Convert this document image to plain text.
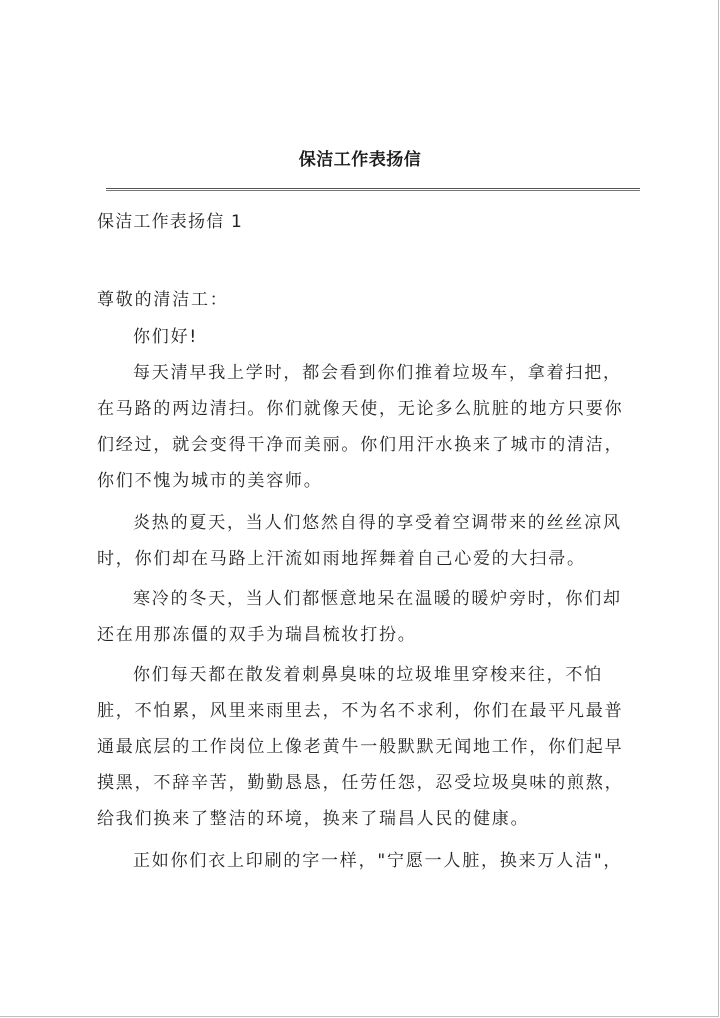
保洁工作表扬信
保洁工作表扬信 1
尊敬的清洁工：
你们好!
每天清早我上学时，都会看到你们推着垃圾车，拿着扫把，
在马路的两边清扫。你们就像天使，无论多么肮脏的地方只要你
们经过，就会变得干净而美丽。你们用汗水换来了城市的清洁，
你们不愧为城市的美容师。
炎热的夏天，当人们悠然自得的享受着空调带来的丝丝凉风
时，你们却在马路上汗流如雨地挥舞着自己心爱的大扫帚。
寒冷的冬天，当人们都惬意地呆在温暖的暖炉旁时，你们却
还在用那冻僵的双手为瑞昌梳妆打扮。
你们每天都在散发着刺鼻臭味的垃圾堆里穿梭来往，不怕
脏，不怕累，风里来雨里去，不为名不求利，你们在最平凡最普
通最底层的工作岗位上像老黄牛一般默默无闻地工作，你们起早
摸黑，不辞辛苦，勤勤恳恳，任劳任怨，忍受垃圾臭味的煎熬，
给我们换来了整洁的环境，换来了瑞昌人民的健康。
正如你们衣上印刷的字一样，"宁愿一人脏，换来万人洁"，
